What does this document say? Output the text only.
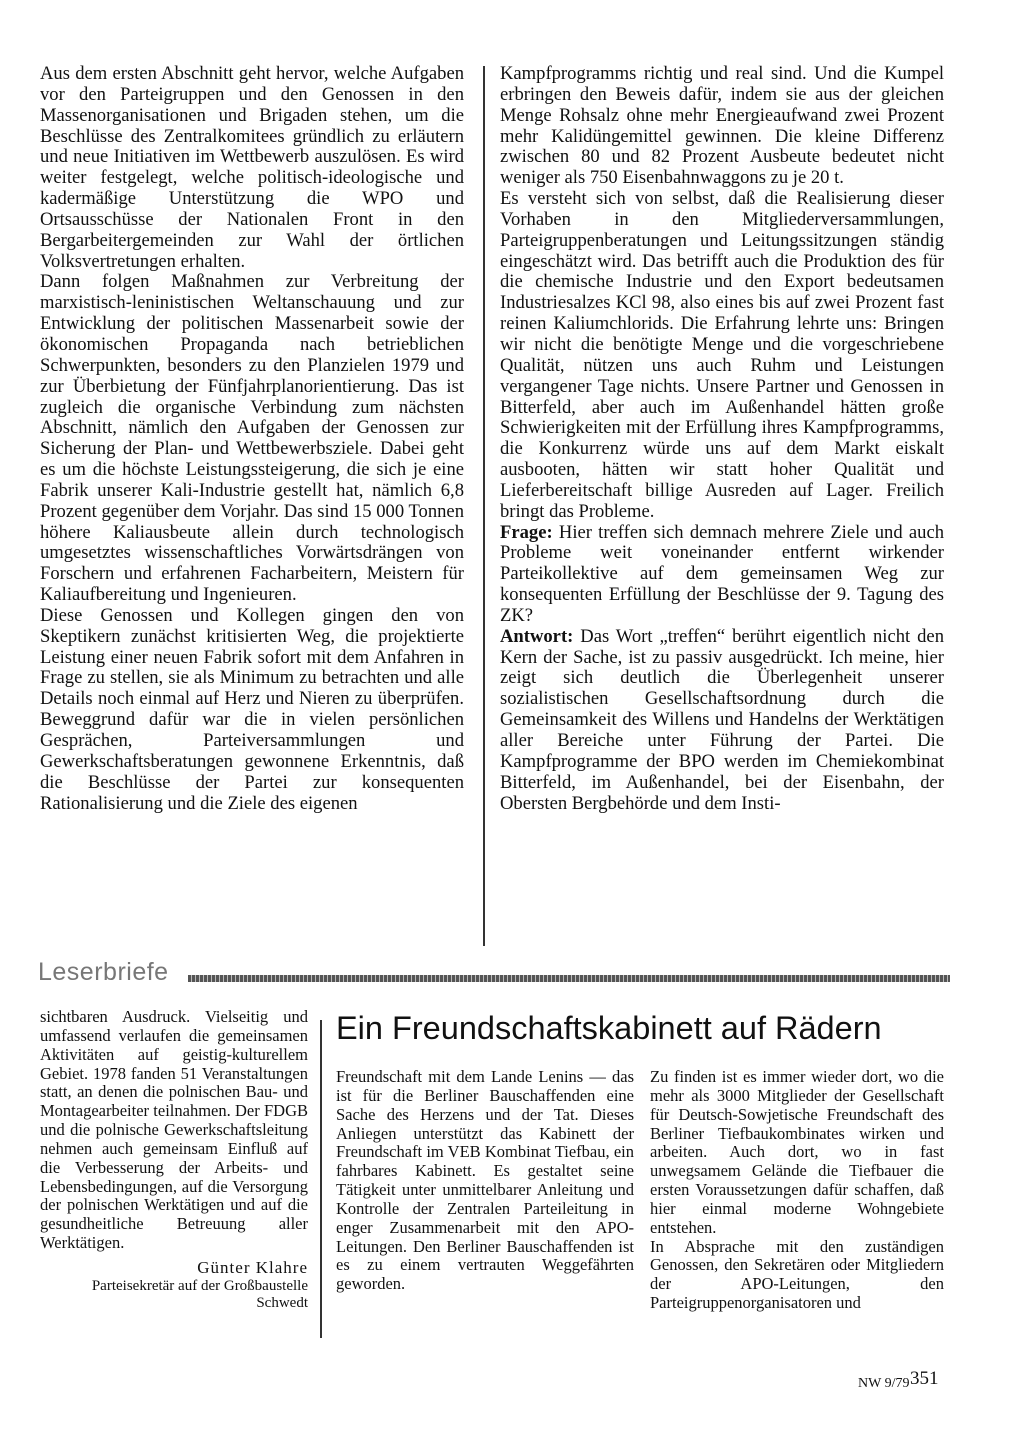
Aus dem ersten Abschnitt geht hervor, welche Aufgaben vor den Parteigruppen und den Genossen in den Massenorganisationen und Brigaden stehen, um die Beschlüsse des Zentralkomitees gründlich zu erläutern und neue Initiativen im Wettbewerb auszulösen. Es wird weiter festgelegt, welche politisch-ideologische und kadermäßige Unterstützung die WPO und Ortsausschüsse der Nationalen Front in den Bergarbeitergemeinden zur Wahl der örtlichen Volksvertretungen erhalten.

Dann folgen Maßnahmen zur Verbreitung der marxistisch-leninistischen Weltanschauung und zur Entwicklung der politischen Massenarbeit sowie der ökonomischen Propaganda nach betrieblichen Schwerpunkten, besonders zu den Planzielen 1979 und zur Überbietung der Fünfjahrplanorientierung. Das ist zugleich die organische Verbindung zum nächsten Abschnitt, nämlich den Aufgaben der Genossen zur Sicherung der Plan- und Wettbewerbsziele. Dabei geht es um die höchste Leistungssteigerung, die sich je eine Fabrik unserer Kali-Industrie gestellt hat, nämlich 6,8 Prozent gegenüber dem Vorjahr. Das sind 15 000 Tonnen höhere Kaliausbeute allein durch technologisch umgesetztes wissenschaftliches Vorwärtsdrängen von Forschern und erfahrenen Facharbeitern, Meistern für Kaliaufbereitung und Ingenieuren.

Diese Genossen und Kollegen gingen den von Skeptikern zunächst kritisierten Weg, die projektierte Leistung einer neuen Fabrik sofort mit dem Anfahren in Frage zu stellen, sie als Minimum zu betrachten und alle Details noch einmal auf Herz und Nieren zu überprüfen. Beweggrund dafür war die in vielen persönlichen Gesprächen, Parteiversammlungen und Gewerkschaftsberatungen gewonnene Erkenntnis, daß die Beschlüsse der Partei zur konsequenten Rationalisierung und die Ziele des eigenen

Kampfprogramms richtig und real sind. Und die Kumpel erbringen den Beweis dafür, indem sie aus der gleichen Menge Rohsalz ohne mehr Energieaufwand zwei Prozent mehr Kalidüngemittel gewinnen. Die kleine Differenz zwischen 80 und 82 Prozent Ausbeute bedeutet nicht weniger als 750 Eisenbahnwaggons zu je 20 t.

Es versteht sich von selbst, daß die Realisierung dieser Vorhaben in den Mitgliederversammlungen, Parteigruppenberatungen und Leitungssitzungen ständig eingeschätzt wird. Das betrifft auch die Produktion des für die chemische Industrie und den Export bedeutsamen Industriesalzes KCl 98, also eines bis auf zwei Prozent fast reinen Kaliumchlorids. Die Erfahrung lehrte uns: Bringen wir nicht die benötigte Menge und die vorgeschriebene Qualität, nützen uns auch Ruhm und Leistungen vergangener Tage nichts. Unsere Partner und Genossen in Bitterfeld, aber auch im Außenhandel hätten große Schwierigkeiten mit der Erfüllung ihres Kampfprogramms, die Konkurrenz würde uns auf dem Markt eiskalt ausbooten, hätten wir statt hoher Qualität und Lieferbereitschaft billige Ausreden auf Lager. Freilich bringt das Probleme.

Frage: Hier treffen sich demnach mehrere Ziele und auch Probleme weit voneinander entfernt wirkender Parteikollektive auf dem gemeinsamen Weg zur konsequenten Erfüllung der Beschlüsse der 9. Tagung des ZK?

Antwort: Das Wort „treffen“ berührt eigentlich nicht den Kern der Sache, ist zu passiv ausgedrückt. Ich meine, hier zeigt sich deutlich die Überlegenheit unserer sozialistischen Gesellschaftsordnung durch die Gemeinsamkeit des Willens und Handelns der Werktätigen aller Bereiche unter Führung der Partei. Die Kampfprogramme der BPO werden im Chemiekombinat Bitterfeld, im Außenhandel, bei der Eisenbahn, der Obersten Bergbehörde und dem Insti-

Leserbriefe

sichtbaren Ausdruck. Vielseitig und umfassend verlaufen die gemeinsamen Aktivitäten auf geistig-kulturellem Gebiet. 1978 fanden 51 Veranstaltungen statt, an denen die polnischen Bau- und Montagearbeiter teilnahmen. Der FDGB und die polnische Gewerkschaftsleitung nehmen auch gemeinsam Einfluß auf die Verbesserung der Arbeits- und Lebensbedingungen, auf die Versorgung der polnischen Werktätigen und auf die gesundheitliche Betreuung aller Werktätigen.

Günter Klahre
Parteisekretär auf der Großbaustelle Schwedt
Ein Freundschaftskabinett auf Rädern

Freundschaft mit dem Lande Lenins — das ist für die Berliner Bauschaffenden eine Sache des Herzens und der Tat. Dieses Anliegen unterstützt das Kabinett der Freundschaft im VEB Kombinat Tiefbau, ein fahrbares Kabinett. Es gestaltet seine Tätigkeit unter unmittelbarer Anleitung und Kontrolle der Zentralen Parteileitung in enger Zusammenarbeit mit den APO-Leitungen. Den Berliner Bauschaffenden ist es zu einem vertrauten Weggefährten geworden.

Zu finden ist es immer wieder dort, wo die mehr als 3000 Mitglieder der Gesellschaft für Deutsch-Sowjetische Freundschaft des Berliner Tiefbaukombinates wirken und arbeiten. Auch dort, wo in fast unwegsamem Gelände die Tiefbauer die ersten Voraussetzungen dafür schaffen, daß hier einmal moderne Wohngebiete entstehen.

In Absprache mit den zuständigen Genossen, den Sekretären oder Mitgliedern der APO-Leitungen, den Parteigruppenorganisatoren und

NW 9/79 351
